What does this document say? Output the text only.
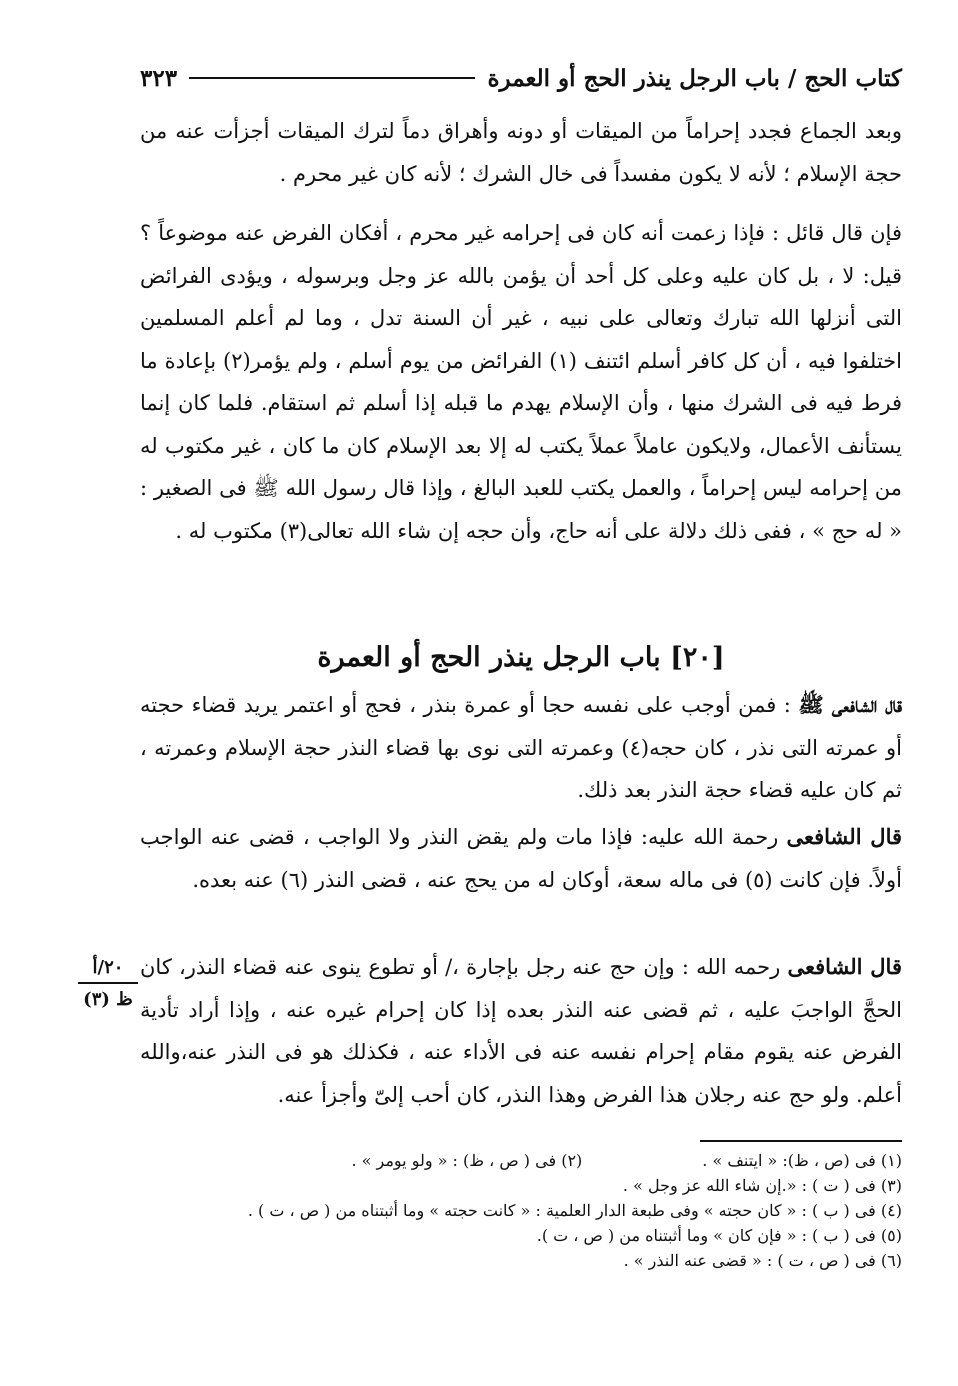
كتاب الحج / باب الرجل ينذر الحج أو العمرة
٣٢٣
وبعد الجماع فجدد إحراماً من الميقات أو دونه وأهراق دماً لترك الميقات أجزأت عنه من حجة الإسلام ؛ لأنه لا يكون مفسداً فى خال الشرك ؛ لأنه كان غير محرم .
فإن قال قائل : فإذا زعمت أنه كان فى إحرامه غير محرم ، أفكان الفرض عنه موضوعاً ؟ قيل: لا ، بل كان عليه وعلى كل أحد أن يؤمن بالله عز وجل وبرسوله ، ويؤدى الفرائض التى أنزلها الله تبارك وتعالى على نبيه ، غير أن السنة تدل ، وما لم أعلم المسلمين اختلفوا فيه ، أن كل كافر أسلم ائتنف (١) الفرائض من يوم أسلم ، ولم يؤمر(٢) بإعادة ما فرط فيه فى الشرك منها ، وأن الإسلام يهدم ما قبله إذا أسلم ثم استقام. فلما كان إنما يستأنف الأعمال، ولايكون عاملاً عملاً يكتب له إلا بعد الإسلام كان ما كان ، غير مكتوب له من إحرامه ليس إحراماً ، والعمل يكتب للعبد البالغ ، وإذا قال رسول الله ﷺ فى الصغير : « له حج » ، ففى ذلك دلالة على أنه حاج، وأن حجه إن شاء الله تعالى(٣) مكتوب له .
[٢٠] باب الرجل ينذر الحج أو العمرة
قال الشافعى ﷺ : فمن أوجب على نفسه حجا أو عمرة بنذر ، فحج أو اعتمر يريد قضاء حجته أو عمرته التى نذر ، كان حجه(٤) وعمرته التى نوى بها قضاء النذر حجة الإسلام وعمرته ، ثم كان عليه قضاء حجة النذر بعد ذلك.
قال الشافعى رحمة الله عليه: فإذا مات ولم يقض النذر ولا الواجب ، قضى عنه الواجب أولاً. فإن كانت (٥) فى ماله سعة، أوكان له من يحج عنه ، قضى النذر (٦) عنه بعده.
٢٠/أ
ظ (٣)
قال الشافعى رحمه الله : وإن حج عنه رجل بإجارة ،/ أو تطوع ينوى عنه قضاء النذر، كان الحجَّ الواجبَ عليه ، ثم قضى عنه النذر بعده إذا كان إحرام غيره عنه ، وإذا أراد تأدية الفرض عنه يقوم مقام إحرام نفسه عنه فى الأداء عنه ، فكذلك هو فى النذر عنه،والله أعلم. ولو حج عنه رجلان هذا الفرض وهذا النذر، كان أحب إلىّ وأجزأ عنه.
(١) فى (ص ، ظ): « ايتنف » .(٢) فى ( ص ، ظ) : « ولو يومر » .
(٣) فى ( ت ) : «.إن شاء الله عز وجل » .
(٤) فى ( ب ) : « كان حجته » وفى طبعة الدار العلمية : « كانت حجته » وما أثبتناه من ( ص ، ت ) .
(٥) فى ( ب ) : « فإن كان » وما أثبتناه من ( ص ، ت ).
(٦) فى ( ص ، ت ) : « قضى عنه النذر » .
